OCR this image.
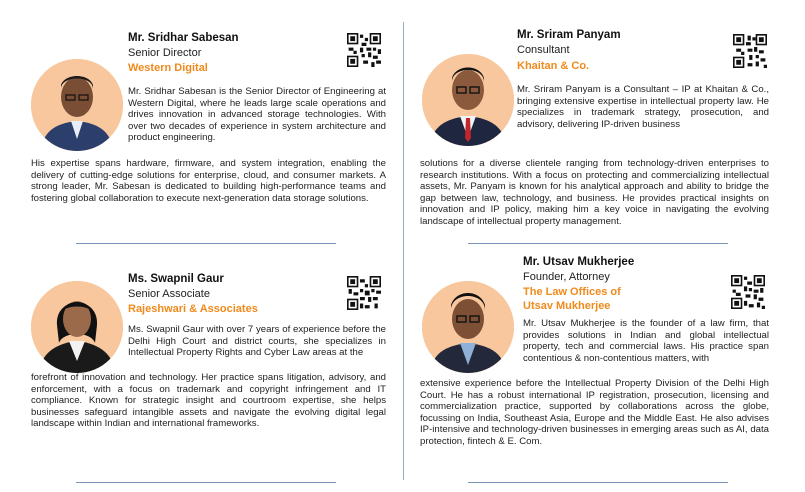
Mr. Sridhar Sabesan
Senior Director
Western Digital

Mr. Sridhar Sabesan is the Senior Director of Engineering at Western Digital, where he leads large scale operations and drives innovation in advanced storage technologies. With over two decades of experience in system architecture and product engineering.

His expertise spans hardware, firmware, and system integration, enabling the delivery of cutting-edge solutions for enterprise, cloud, and consumer markets. A strong leader, Mr. Sabesan is dedicated to building high-performance teams and fostering global collaboration to execute next-generation data storage solutions.

Mr. Sriram Panyam
Consultant
Khaitan & Co.

Mr. Sriram Panyam is a Consultant – IP at Khaitan & Co., bringing extensive expertise in intellectual property law. He specializes in trademark strategy, prosecution, and advisory, delivering IP-driven business

solutions for a diverse clientele ranging from technology-driven enterprises to research institutions. With a focus on protecting and commercializing intellectual assets, Mr. Panyam is known for his analytical approach and ability to bridge the gap between law, technology, and business. He provides practical insights on innovation and IP policy, making him a key voice in navigating the evolving landscape of intellectual property management.

Ms. Swapnil Gaur
Senior Associate
Rajeshwari & Associates

Ms. Swapnil Gaur with over 7 years of experience before the Delhi High Court and district courts, she specializes in Intellectual Property Rights and Cyber Law areas at the

forefront of innovation and technology. Her practice spans litigation, advisory, and enforcement, with a focus on trademark and copyright infringement and IT compliance. Known for strategic insight and courtroom expertise, she helps businesses safeguard intangible assets and navigate the evolving digital legal landscape within Indian and international frameworks.

Mr. Utsav Mukherjee
Founder, Attorney
The Law Offices of
Utsav Mukherjee

Mr. Utsav Mukherjee is the founder of a law firm, that provides solutions in Indian and global intellectual property, tech and commercial laws. His practice span contentious & non-contentious matters, with

extensive experience before the Intellectual Property Division of the Delhi High Court. He has a robust international IP registration, prosecution, licensing and commercialization practice, supported by collaborations across the globe, focussing on India, Southeast Asia, Europe and the Middle East. He also advises IP-intensive and technology-driven businesses in emerging areas such as AI, data protection, fintech & E. Com.
